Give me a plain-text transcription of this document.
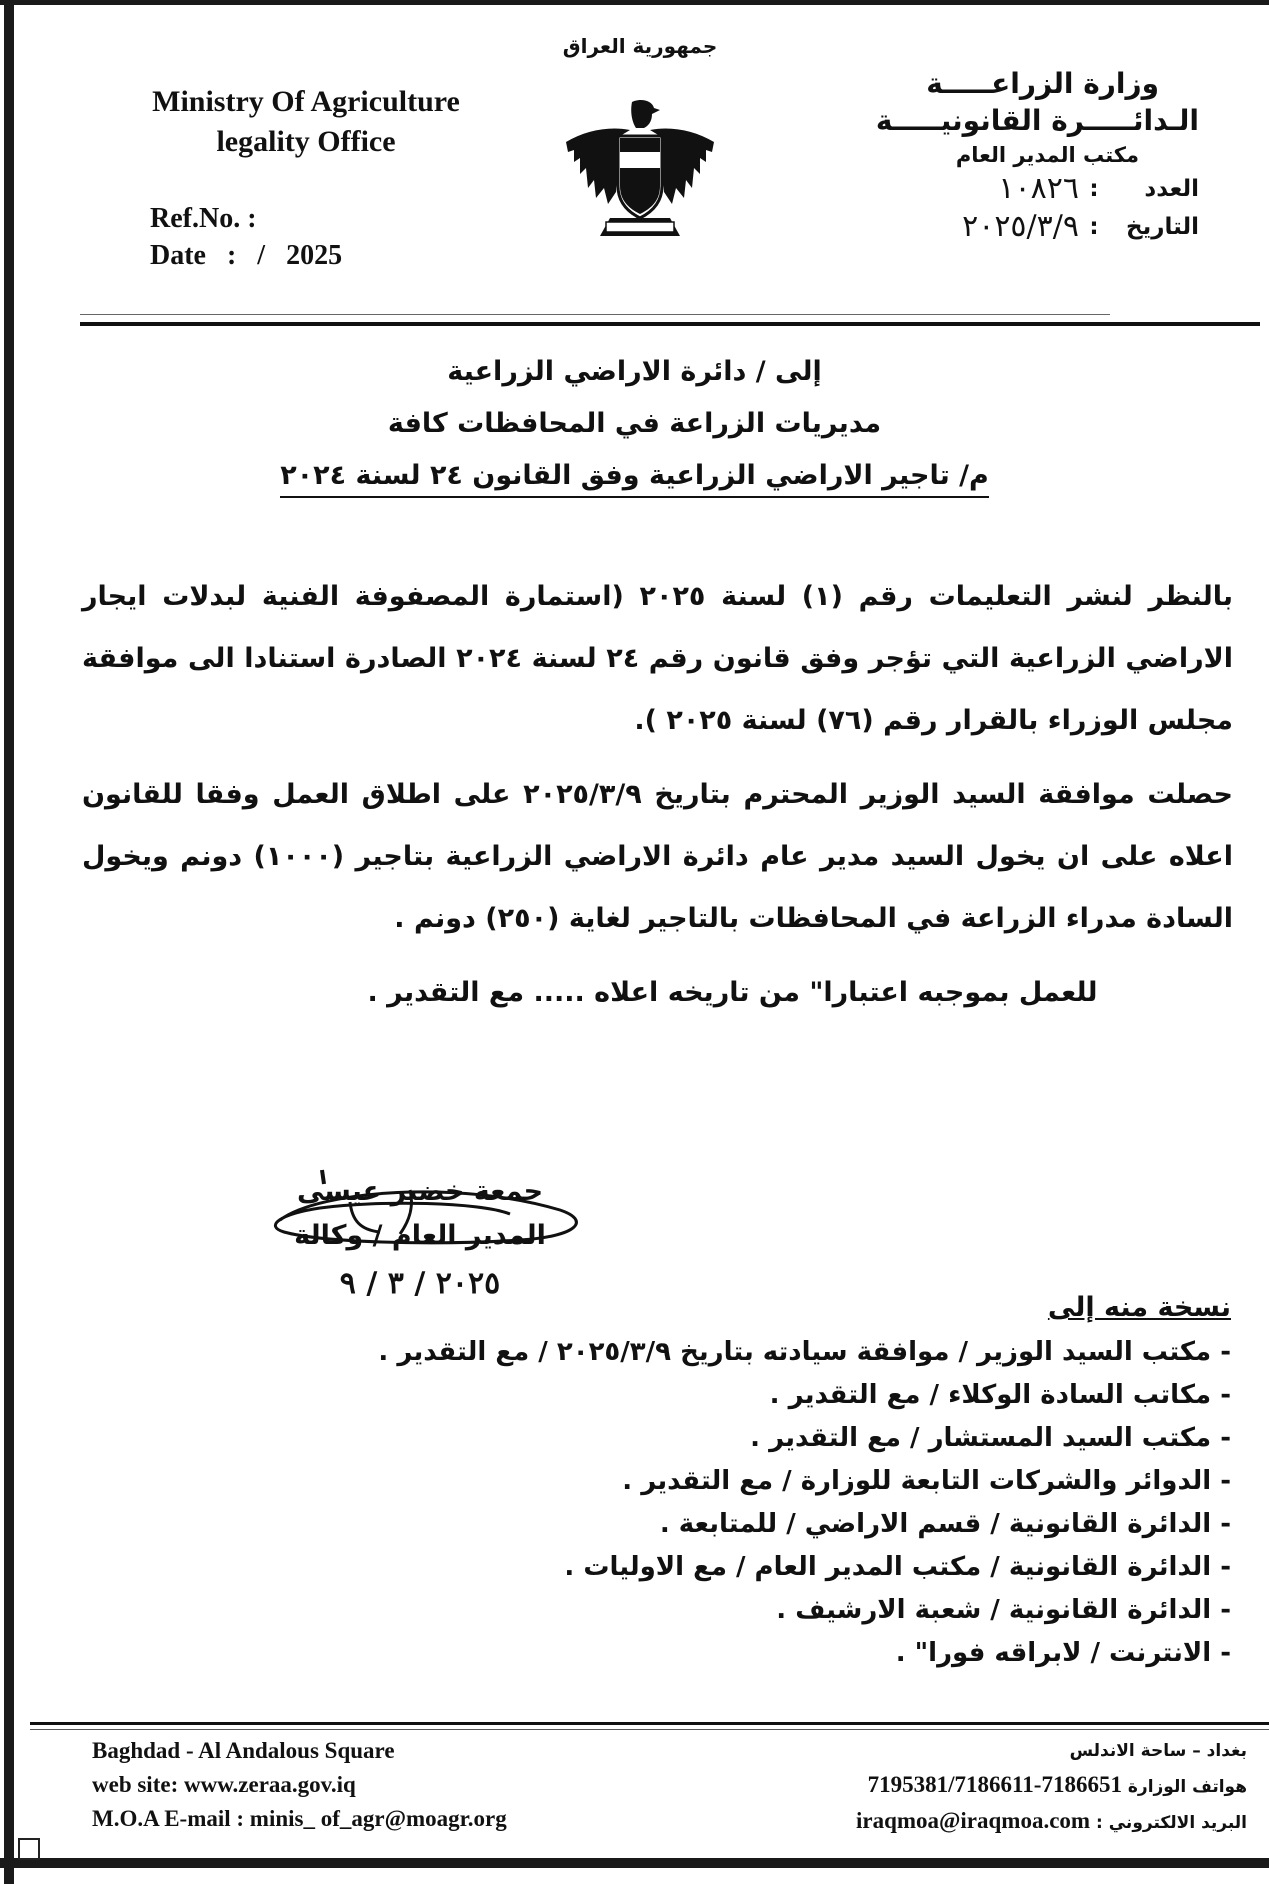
Ministry Of Agriculture
legality Office
Ref.No. :
Date : / 2025
جمهورية العراق
وزارة الزراعـــــة
الـدائـــــرة القانونيـــــة
مكتب المدير العام
العدد
:
١٠٨٢٦
التاريخ
:
٢٠٢٥/٣/٩
إلى / دائرة الاراضي الزراعية
مديريات الزراعة في المحافظات كافة
م/ تاجير الاراضي الزراعية وفق القانون ٢٤ لسنة ٢٠٢٤

بالنظر لنشر التعليمات رقم (١) لسنة ٢٠٢٥ (استمارة المصفوفة الفنية لبدلات ايجار الاراضي الزراعية التي تؤجر وفق قانون رقم ٢٤ لسنة ٢٠٢٤ الصادرة استنادا الى موافقة مجلس الوزراء بالقرار رقم (٧٦) لسنة ٢٠٢٥ ).

حصلت موافقة السيد الوزير المحترم بتاريخ ٢٠٢٥/٣/٩ على اطلاق العمل وفقا للقانون اعلاه على ان يخول السيد مدير عام دائرة الاراضي الزراعية بتاجير (١٠٠٠) دونم ويخول السادة مدراء الزراعة في المحافظات بالتاجير لغاية (٢٥٠) دونم .

للعمل بموجبه اعتبارا" من تاريخه اعلاه ..... مع التقدير .

جمعة خضير عيسى
المدير العام / وكالة
٢٠٢٥ / ٣ / ٩
نسخة منه إلى
- مكتب السيد الوزير / موافقة سيادته بتاريخ ٢٠٢٥/٣/٩ / مع التقدير .
- مكاتب السادة الوكلاء / مع التقدير .
- مكتب السيد المستشار / مع التقدير .
- الدوائر والشركات التابعة للوزارة / مع التقدير .
- الدائرة القانونية / قسم الاراضي / للمتابعة .
- الدائرة القانونية / مكتب المدير العام / مع الاوليات .
- الدائرة القانونية / شعبة الارشيف .
- الانترنت / لابراقه فورا" .
Baghdad - Al Andalous Square
web site: www.zeraa.gov.iq
M.O.A E-mail : minis_ of_agr@moagr.org
بغداد – ساحة الاندلس
هواتف الوزارة 7195381/7186611-7186651
البريد الالكتروني : iraqmoa@iraqmoa.com
